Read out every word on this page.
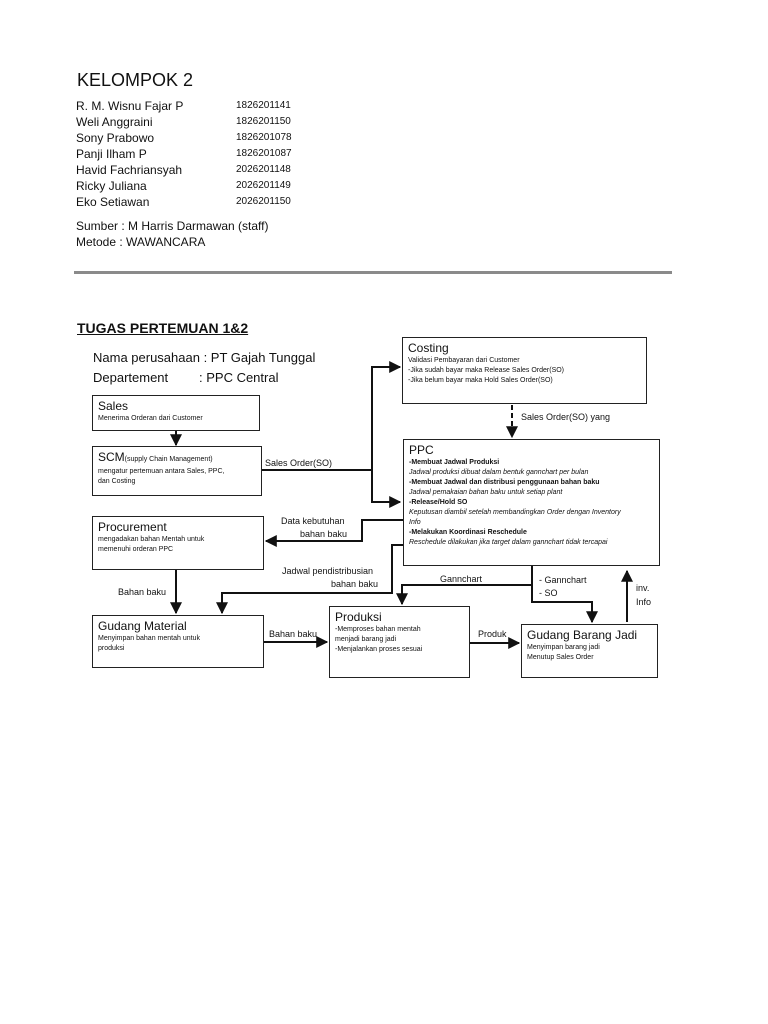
KELOMPOK 2
R. M. Wisnu Fajar P	1826201141
Weli Anggraini	1826201150
Sony Prabowo	1826201078
Panji Ilham P	1826201087
Havid Fachriansyah	2026201148
Ricky Juliana	2026201149
Eko Setiawan	2026201150
Sumber : M Harris Darmawan (staff)
Metode : WAWANCARA
TUGAS PERTEMUAN 1&2
Nama perusahaan : PT Gajah Tunggal
Departement : PPC Central
Sales
Menerima Orderan dari Customer
SCM(supply Chain Management)
mengatur pertemuan antara Sales, PPC,
dan Costing
Procurement
mengadakan bahan Mentah untuk
memenuhi orderan PPC
Gudang Material
Menyimpan bahan mentah untuk
produksi
Costing
Validasi Pembayaran dari Customer
-Jika sudah bayar maka Release Sales Order(SO)
-Jika belum bayar maka Hold Sales Order(SO)
PPC
-Membuat Jadwal Produksi
Jadwal produksi dibuat dalam bentuk gannchart per bulan
-Membuat Jadwal dan distribusi penggunaan bahan baku
Jadwal pemakaian bahan baku untuk setiap plant
-Release/Hold SO
Keputusan diambil setelah membandingkan Order dengan Inventory
Info
-Melakukan Koordinasi Reschedule
Reschedule dilakukan jika target dalam gannchart tidak tercapai
Produksi
-Memproses bahan mentah
menjadi barang jadi
-Menjalankan proses sesuai
Gudang Barang Jadi
Menyimpan barang jadi
Menutup Sales Order
Sales Order(SO)
Sales Order(SO) yang
Data kebutuhan
bahan baku
Jadwal pendistribusian
bahan baku
Bahan baku
Bahan baku
Gannchart	- Gannchart
- SO	inv.
Info
Produk
